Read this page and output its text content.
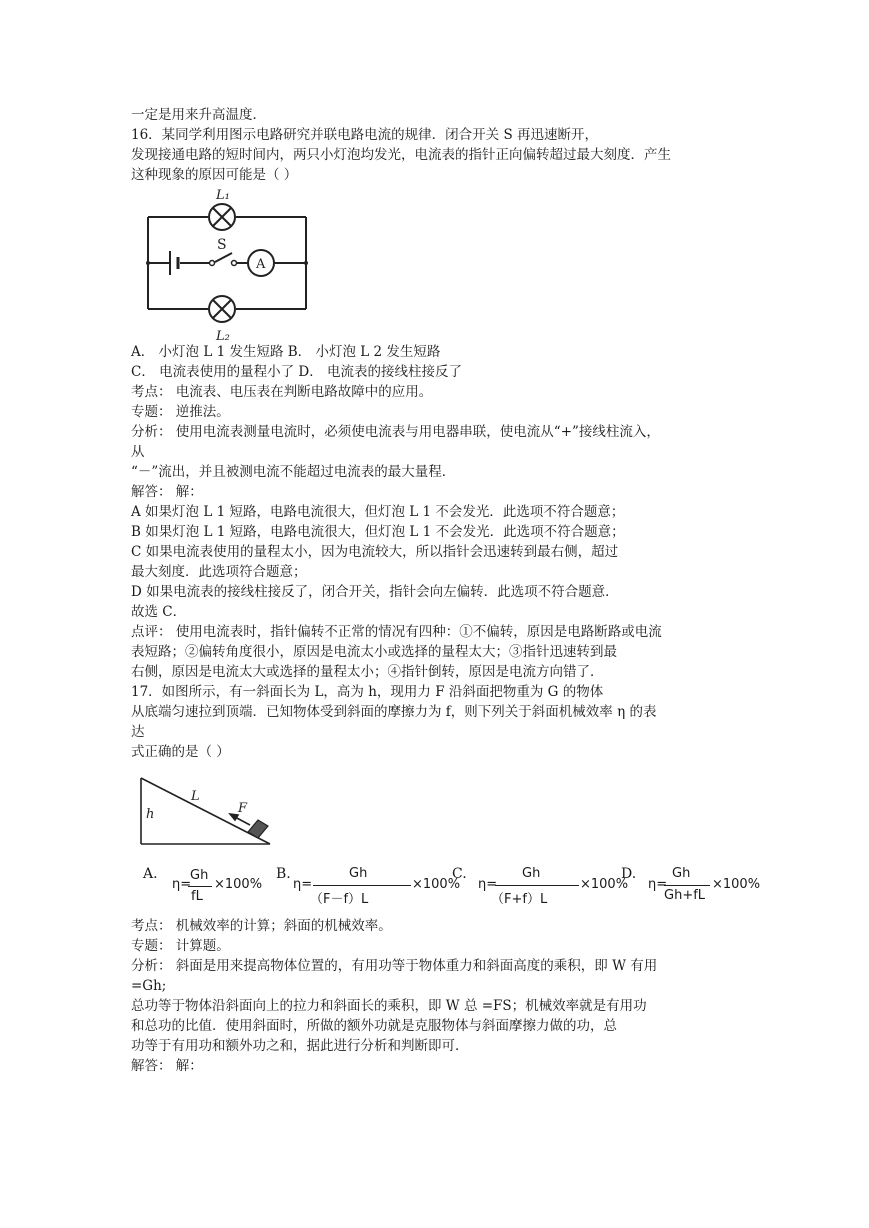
一定是用来升高温度．
16．某同学利用图示电路研究并联电路电流的规律．闭合开关 S 再迅速断开，
发现接通电路的短时间内，两只小灯泡均发光，电流表的指针正向偏转超过最大刻度．产生
这种现象的原因可能是（ ）
S
A
L₁
L₂
A． 小灯泡 L 1 发生短路 B． 小灯泡 L 2 发生短路
C． 电流表使用的量程小了 D． 电流表的接线柱接反了
考点： 电流表、电压表在判断电路故障中的应用。
专题： 逆推法。
分析： 使用电流表测量电流时，必须使电流表与用电器串联，使电流从“+”接线柱流入，
从
“－”流出，并且被测电流不能超过电流表的最大量程．
解答： 解：
A 如果灯泡 L 1 短路，电路电流很大，但灯泡 L 1 不会发光．此选项不符合题意；
B 如果灯泡 L 1 短路，电路电流很大，但灯泡 L 1 不会发光．此选项不符合题意；
C 如果电流表使用的量程太小，因为电流较大，所以指针会迅速转到最右侧，超过
最大刻度．此选项符合题意；
D 如果电流表的接线柱接反了，闭合开关，指针会向左偏转．此选项不符合题意．
故选 C．
点评： 使用电流表时，指针偏转不正常的情况有四种：①不偏转，原因是电路断路或电流
表短路；②偏转角度很小，原因是电流太小或选择的量程太大；③指针迅速转到最
右侧，原因是电流太大或选择的量程太小；④指针倒转，原因是电流方向错了．
17．如图所示，有一斜面长为 L，高为 h，现用力 F 沿斜面把物重为 G 的物体
从底端匀速拉到顶端．已知物体受到斜面的摩擦力为 f，则下列关于斜面机械效率 η 的表
达
式正确的是（ ）
h
L
F
A.
η=
Gh
fL
×100%
B.
η=
Gh
（F－f）L
×100%
C.
η=
Gh
（F+f）L
×100%
D.
η=
Gh
Gh+fL
×100%
考点： 机械效率的计算；斜面的机械效率。
专题： 计算题。
分析： 斜面是用来提高物体位置的，有用功等于物体重力和斜面高度的乘积，即 W 有用
=Gh;
总功等于物体沿斜面向上的拉力和斜面长的乘积，即 W 总 =FS；机械效率就是有用功
和总功的比值．使用斜面时，所做的额外功就是克服物体与斜面摩擦力做的功，总
功等于有用功和额外功之和，据此进行分析和判断即可．
解答： 解：
